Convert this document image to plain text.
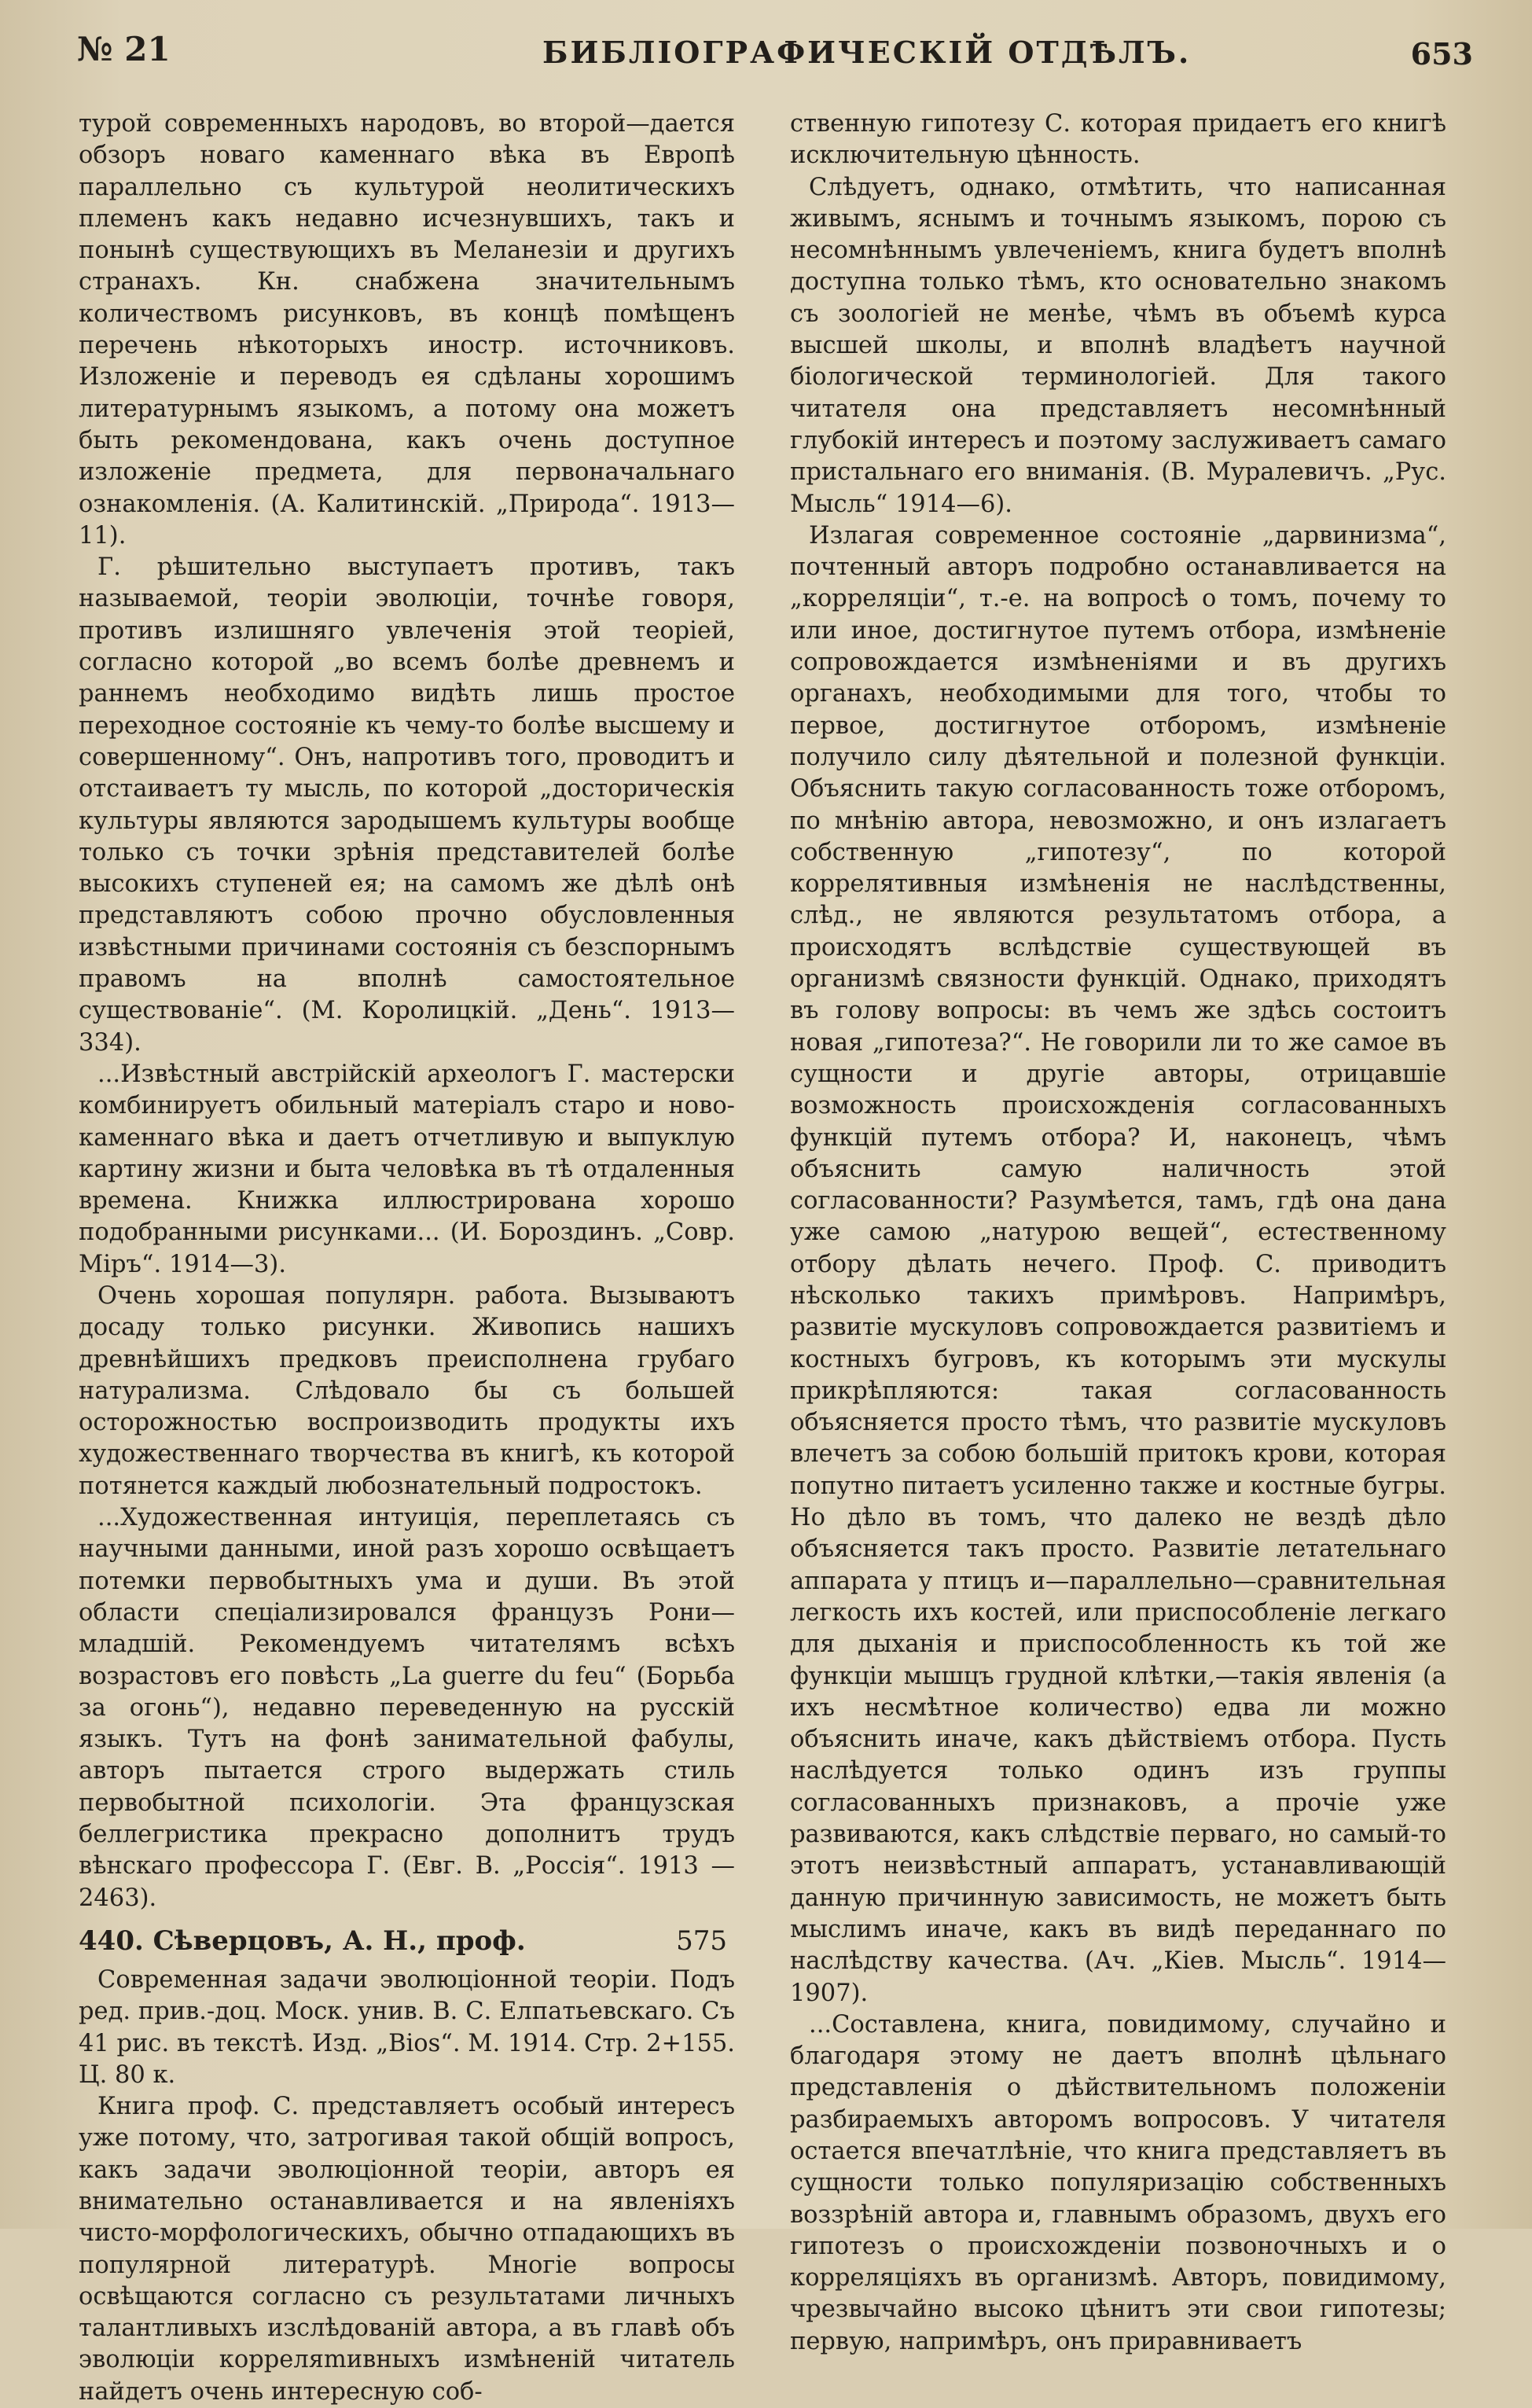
№ 21	БИБЛIОГРАФИЧЕСКIЙ ОТДѢЛЪ.	653

турой современныхъ народовъ, во второй—дается обзоръ новаго каменнаго вѣка въ Европѣ параллельно съ культурой неолитическихъ племенъ какъ недавно исчезнувшихъ, такъ и понынѣ существующихъ въ Меланезiи и другихъ странахъ. Кн. снабжена значительнымъ количествомъ рисунковъ, въ концѣ помѣщенъ перечень нѣкоторыхъ иностр. источниковъ. Изложенiе и переводъ ея сдѣланы хорошимъ литературнымъ языкомъ, а потому она можетъ быть рекомендована, какъ очень доступное изложенiе предмета, для первоначальнаго ознакомленiя. (А. Калитинскiй. „Природа“. 1913—11).

Г. рѣшительно выступаетъ противъ, такъ называемой, теорiи эволюцiи, точнѣе говоря, противъ излишняго увлеченiя этой теорiей, согласно которой „во всемъ болѣе древнемъ и раннемъ необходимо видѣть лишь простое переходное состоянiе къ чему-то болѣе высшему и совершенному“. Онъ, напротивъ того, проводитъ и отстаиваетъ ту мысль, по которой „досторическiя культуры являются зародышемъ культуры вообще только съ точки зрѣнiя представителей болѣе высокихъ ступеней ея; на самомъ же дѣлѣ онѣ представляютъ собою прочно обусловленныя извѣстными причинами состоянiя съ безспорнымъ правомъ на вполнѣ самостоятельное существованiе“. (М. Королицкiй. „День“. 1913—334).

...Извѣстный австрiйскiй археологъ Г. мастерски комбинируетъ обильный матерiалъ старо и ново-каменнаго вѣка и даетъ отчетливую и выпуклую картину жизни и быта человѣка въ тѣ отдаленныя времена. Книжка иллюстрирована хорошо подобранными рисунками... (И. Бороздинъ. „Совр. Мiръ“. 1914—3).

Очень хорошая популярн. работа. Вызываютъ досаду только рисунки. Живопись нашихъ древнѣйшихъ предковъ преисполнена грубаго натурализма. Слѣдовало бы съ большей осторожностью воспроизводить продукты ихъ художественнаго творчества въ книгѣ, къ которой потянется каждый любознательный подростокъ.

...Художественная интуицiя, переплетаясь съ научными данными, иной разъ хорошо освѣщаетъ потемки первобытныхъ ума и души. Въ этой области спецiализировался французъ Рони—младшiй. Рекомендуемъ читателямъ всѣхъ возрастовъ его повѣсть „La guerre du feu“ (Борьба за огонь“), недавно переведенную на русскiй языкъ. Тутъ на фонѣ занимательной фабулы, авторъ пытается строго выдержать стиль первобытной психологiи. Эта французская беллегристика прекрасно дополнитъ трудъ вѣнскаго профессора Г. (Евг. В. „Россiя“. 1913 — 2463).

440. Сѣверцовъ, А. Н., проф.	575

Современная задачи эволюцiонной теорiи. Подъ ред. прив.-доц. Моск. унив. В. С. Елпатьевскаго. Съ 41 рис. въ текстѣ. Изд. „Bios“. М. 1914. Стр. 2+155. Ц. 80 к.

Книга проф. С. представляетъ особый интересъ уже потому, что, затрогивая такой общiй вопросъ, какъ задачи эволюцiонной теорiи, авторъ ея внимательно останавливается и на явленiяхъ чисто-морфологическихъ, обычно отпадающихъ въ популярной литературѣ. Многiе вопросы освѣщаются согласно съ результатами личныхъ талантливыхъ изслѣдованiй автора, а въ главѣ объ эволюцiи корреляmивныхъ измѣненiй читатель найдетъ очень интересную соб-

ственную гипотезу С. которая придаетъ его книгѣ исключительную цѣнность.

Слѣдуетъ, однако, отмѣтить, что написанная живымъ, яснымъ и точнымъ языкомъ, порою съ несомнѣннымъ увлеченiемъ, книга будетъ вполнѣ доступна только тѣмъ, кто основательно знакомъ съ зоологiей не менѣе, чѣмъ въ объемѣ курса высшей школы, и вполнѣ владѣетъ научной бiологической терминологiей. Для такого читателя она представляетъ несомнѣнный глубокiй интересъ и поэтому заслуживаетъ самаго пристальнаго его вниманiя. (В. Муралевичъ. „Рус. Мысль“ 1914—6).

Излагая современное состоянiе „дарвинизма“, почтенный авторъ подробно останавливается на „корреляцiи“, т.-е. на вопросѣ о томъ, почему то или иное, достигнутое путемъ отбора, измѣненiе сопровождается измѣненiями и въ другихъ органахъ, необходимыми для того, чтобы то первое, достигнутое отборомъ, измѣненiе получило силу дѣятельной и полезной функцiи. Объяснить такую согласованность тоже отборомъ, по мнѣнiю автора, невозможно, и онъ излагаетъ собственную „гипотезу“, по которой коррелятивныя измѣненiя не наслѣдственны, слѣд., не являются результатомъ отбора, а происходятъ вслѣдствiе существующей въ организмѣ связности функцiй. Однако, приходятъ въ голову вопросы: въ чемъ же здѣсь состоитъ новая „гипотеза?“. Не говорили ли то же самое въ сущности и другiе авторы, отрицавшiе возможность происхожденiя согласованныхъ функцiй путемъ отбора? И, наконецъ, чѣмъ объяснить самую наличность этой согласованности? Разумѣется, тамъ, гдѣ она дана уже самою „натурою вещей“, естественному отбору дѣлать нечего. Проф. С. приводитъ нѣсколько такихъ примѣровъ. Напримѣръ, развитiе мускуловъ сопровождается развитiемъ и костныхъ бугровъ, къ которымъ эти мускулы прикрѣпляются: такая согласованность объясняется просто тѣмъ, что развитiе мускуловъ влечетъ за собою большiй притокъ крови, которая попутно питаетъ усиленно также и костные бугры. Но дѣло въ томъ, что далеко не вездѣ дѣло объясняется такъ просто. Развитiе летательнаго аппарата у птицъ и—параллельно—сравнительная легкость ихъ костей, или приспособленiе легкаго для дыханiя и приспособленность къ той же функцiи мышцъ грудной клѣтки,—такiя явленiя (а ихъ несмѣтное количество) едва ли можно объяснить иначе, какъ дѣйствiемъ отбора. Пусть наслѣдуется только одинъ изъ группы согласованныхъ признаковъ, а прочiе уже развиваются, какъ слѣдствiе перваго, но самый-то этотъ неизвѣстный аппаратъ, устанавливающiй данную причинную зависимость, не можетъ быть мыслимъ иначе, какъ въ видѣ переданнаго по наслѣдству качества. (Ач. „Кiев. Мысль“. 1914—1907).

...Составлена, книга, повидимому, случайно и благодаря этому не даетъ вполнѣ цѣльнаго представленiя о дѣйствительномъ положенiи разбираемыхъ авторомъ вопросовъ. У читателя остается впечатлѣнiе, что книга представляетъ въ сущности только популяризацiю собственныхъ воззрѣнiй автора и, главнымъ образомъ, двухъ его гипотезъ о происхожденiи позвоночныхъ и о корреляцiяхъ въ организмѣ. Авторъ, повидимому, чрезвычайно высоко цѣнитъ эти свои гипотезы; первую, напримѣръ, онъ приравниваетъ
